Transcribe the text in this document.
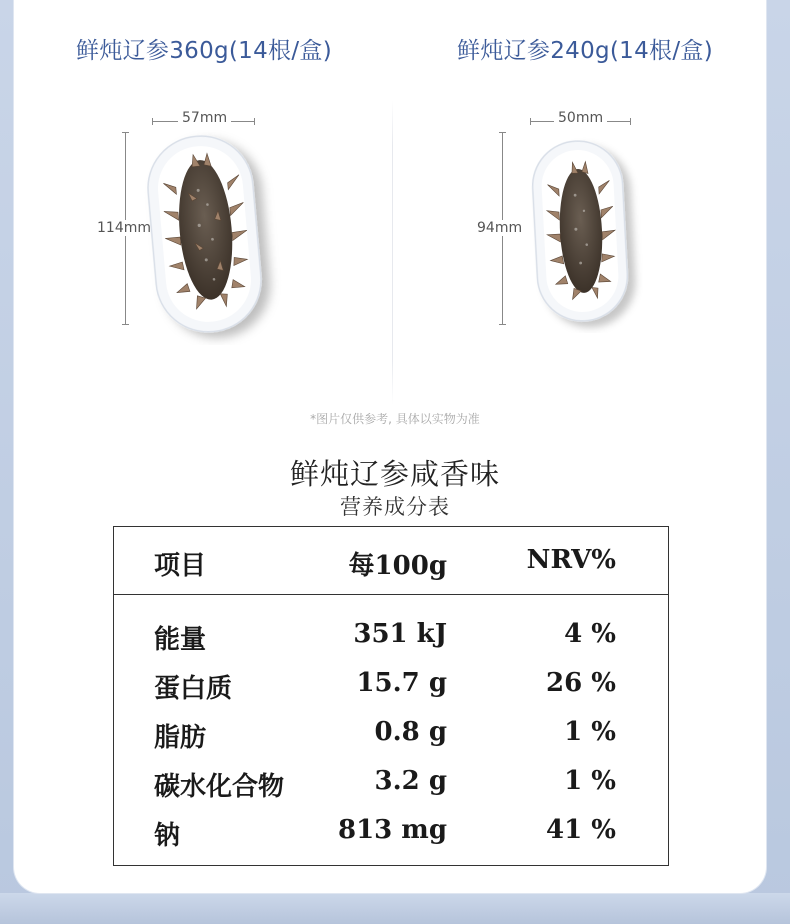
鲜炖辽参360g(14根/盒)	鲜炖辽参240g(14根/盒)
57mm
114mm
50mm
94mm
*图片仅供参考, 具体以实物为准
鲜炖辽参咸香味
营养成分表
项目	每100g	NRV%
能量	351 kJ	4 %
蛋白质	15.7 g	26 %
脂肪	0.8 g	1 %
碳水化合物	3.2 g	1 %
钠	813 mg	41 %
